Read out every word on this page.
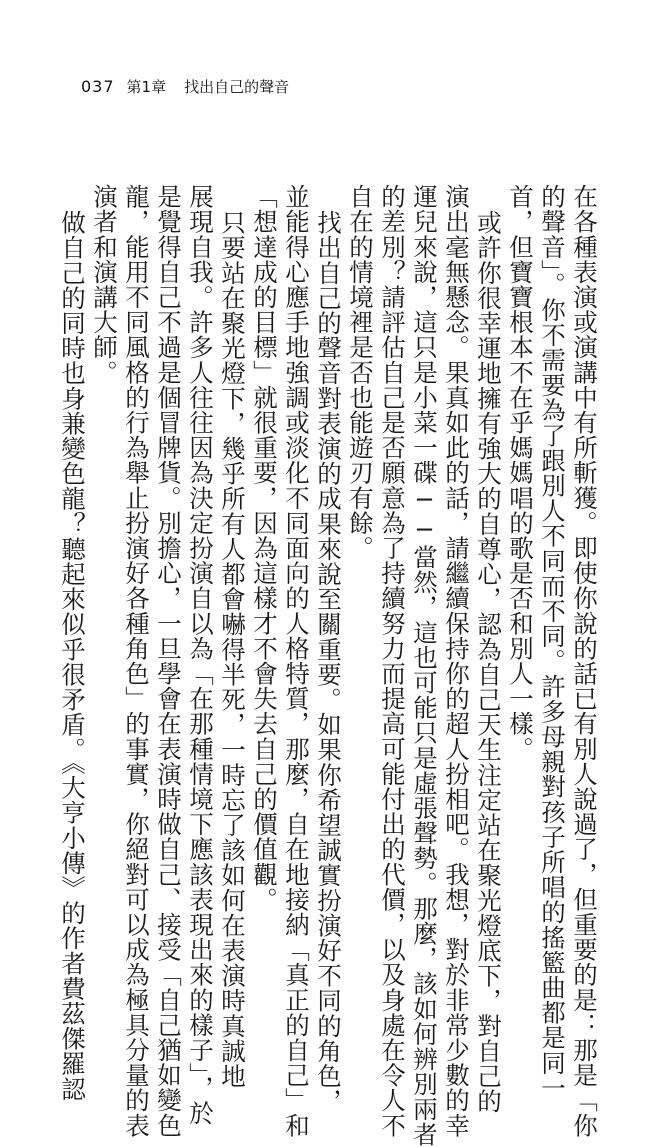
037 第1章 找出自己的聲音
在各種表演或演講中有所斬獲。即使你說的話已有別人說過了，但重要的是：那是「你
的聲音」。你不需要為了跟別人不同而不同。許多母親對孩子所唱的搖籃曲都是同一
首，但寶寶根本不在乎媽媽唱的歌是否和別人一樣。
或許你很幸運地擁有強大的自尊心，認為自己天生注定站在聚光燈底下，對自己的
演出毫無懸念。果真如此的話，請繼續保持你的超人扮相吧。我想，對於非常少數的幸
運兒來說，這只是小菜一碟──當然，這也可能只是虛張聲勢。那麼，該如何辨別兩者
的差別？請評估自己是否願意為了持續努力而提高可能付出的代價，以及身處在令人不
自在的情境裡是否也能遊刃有餘。
找出自己的聲音對表演的成果來說至關重要。如果你希望誠實扮演好不同的角色，
並能得心應手地強調或淡化不同面向的人格特質，那麼，自在地接納「真正的自己」和
「想達成的目標」就很重要，因為這樣才不會失去自己的價值觀。
只要站在聚光燈下，幾乎所有人都會嚇得半死，一時忘了該如何在表演時真誠地
展現自我。許多人往往因為決定扮演自以為「在那種情境下應該表現出來的樣子」，於
是覺得自己不過是個冒牌貨。別擔心，一旦學會在表演時做自己、接受「自己猶如變色
龍，能用不同風格的行為舉止扮演好各種角色」的事實，你絕對可以成為極具分量的表
演者和演講大師。
做自己的同時也身兼變色龍？聽起來似乎很矛盾。《大亨小傳》的作者費茲傑羅認
